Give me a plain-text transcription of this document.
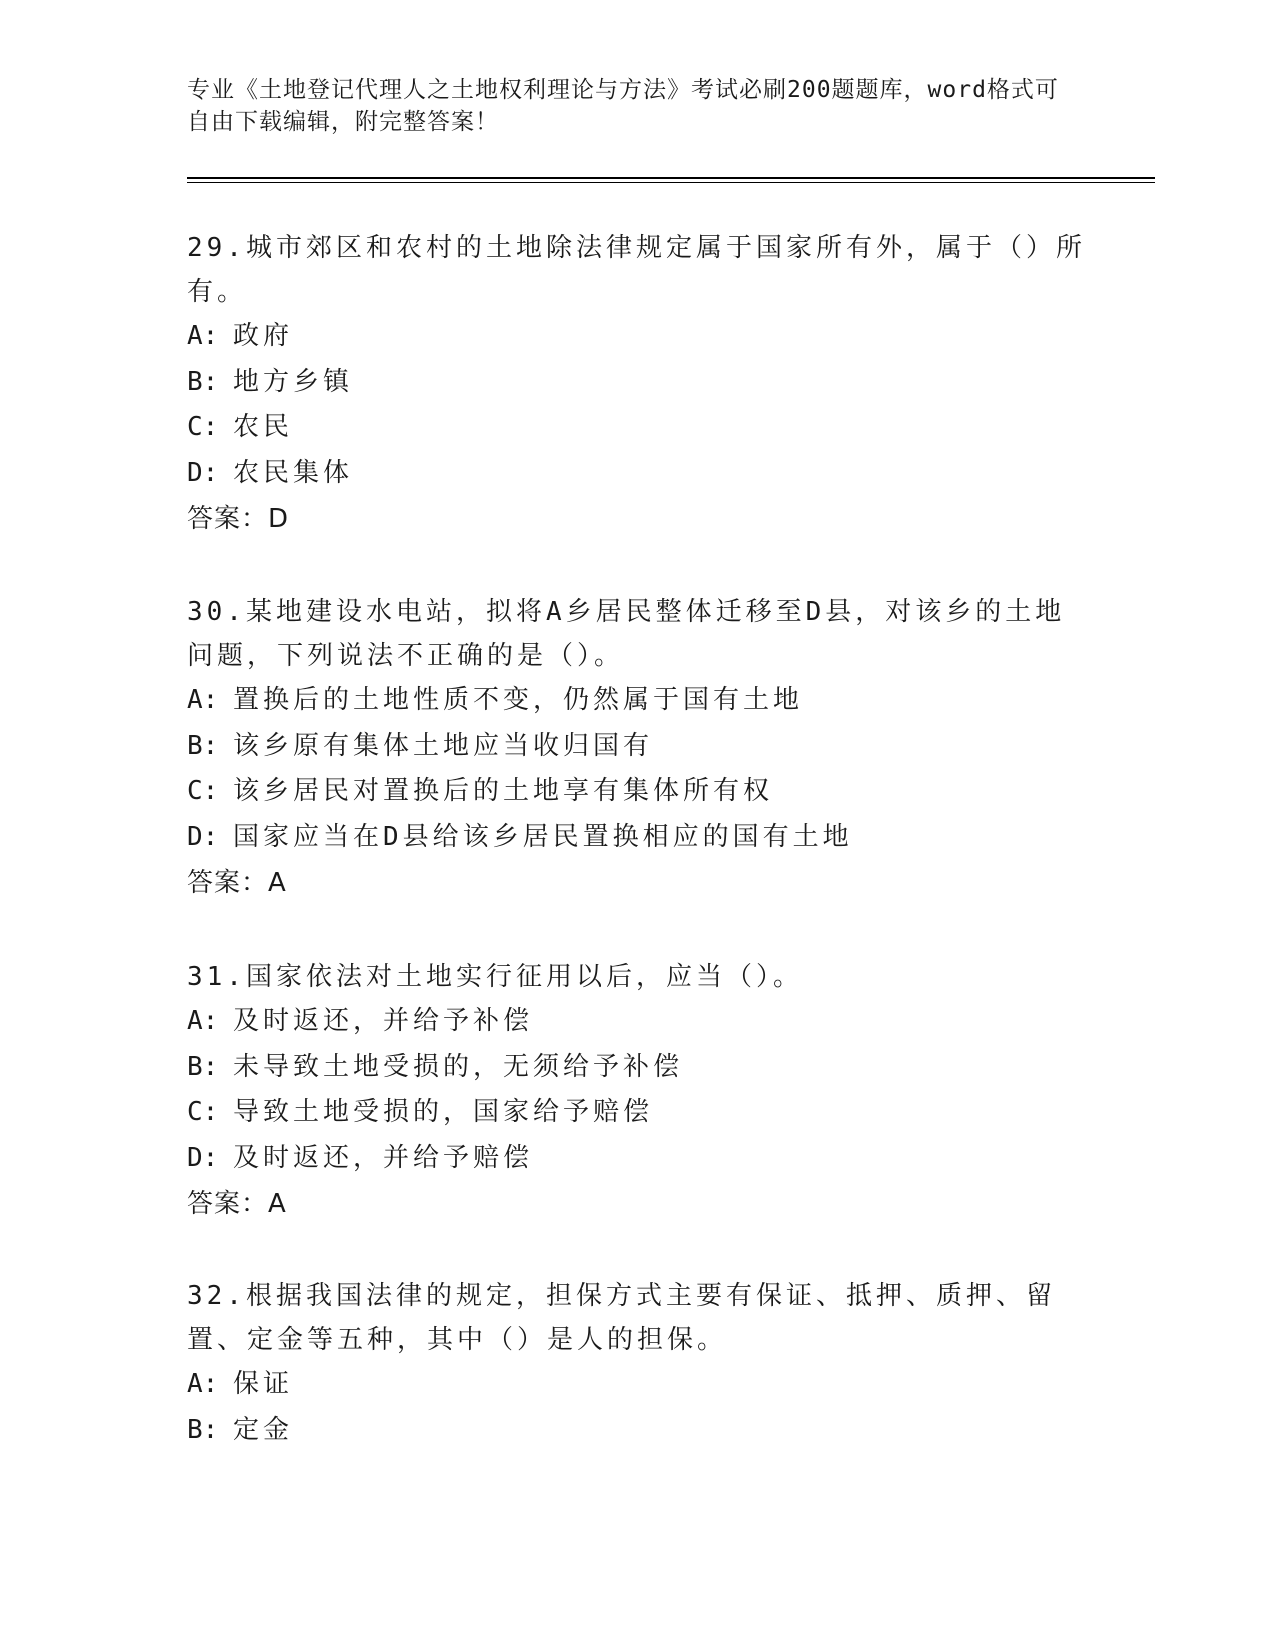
专业《土地登记代理人之土地权利理论与方法》考试必刷200题题库，word格式可自由下载编辑，附完整答案！

29.城市郊区和农村的土地除法律规定属于国家所有外，属于（）所有。

A: 政府
B: 地方乡镇
C: 农民
D: 农民集体
答案：D

30.某地建设水电站，拟将A乡居民整体迁移至D县，对该乡的土地问题，下列说法不正确的是（）。

A: 置换后的土地性质不变，仍然属于国有土地
B: 该乡原有集体土地应当收归国有
C: 该乡居民对置换后的土地享有集体所有权
D: 国家应当在D县给该乡居民置换相应的国有土地
答案：A

31.国家依法对土地实行征用以后，应当（）。

A: 及时返还，并给予补偿
B: 未导致土地受损的，无须给予补偿
C: 导致土地受损的，国家给予赔偿
D: 及时返还，并给予赔偿
答案：A

32.根据我国法律的规定，担保方式主要有保证、抵押、质押、留置、定金等五种，其中（）是人的担保。

A: 保证
B: 定金
